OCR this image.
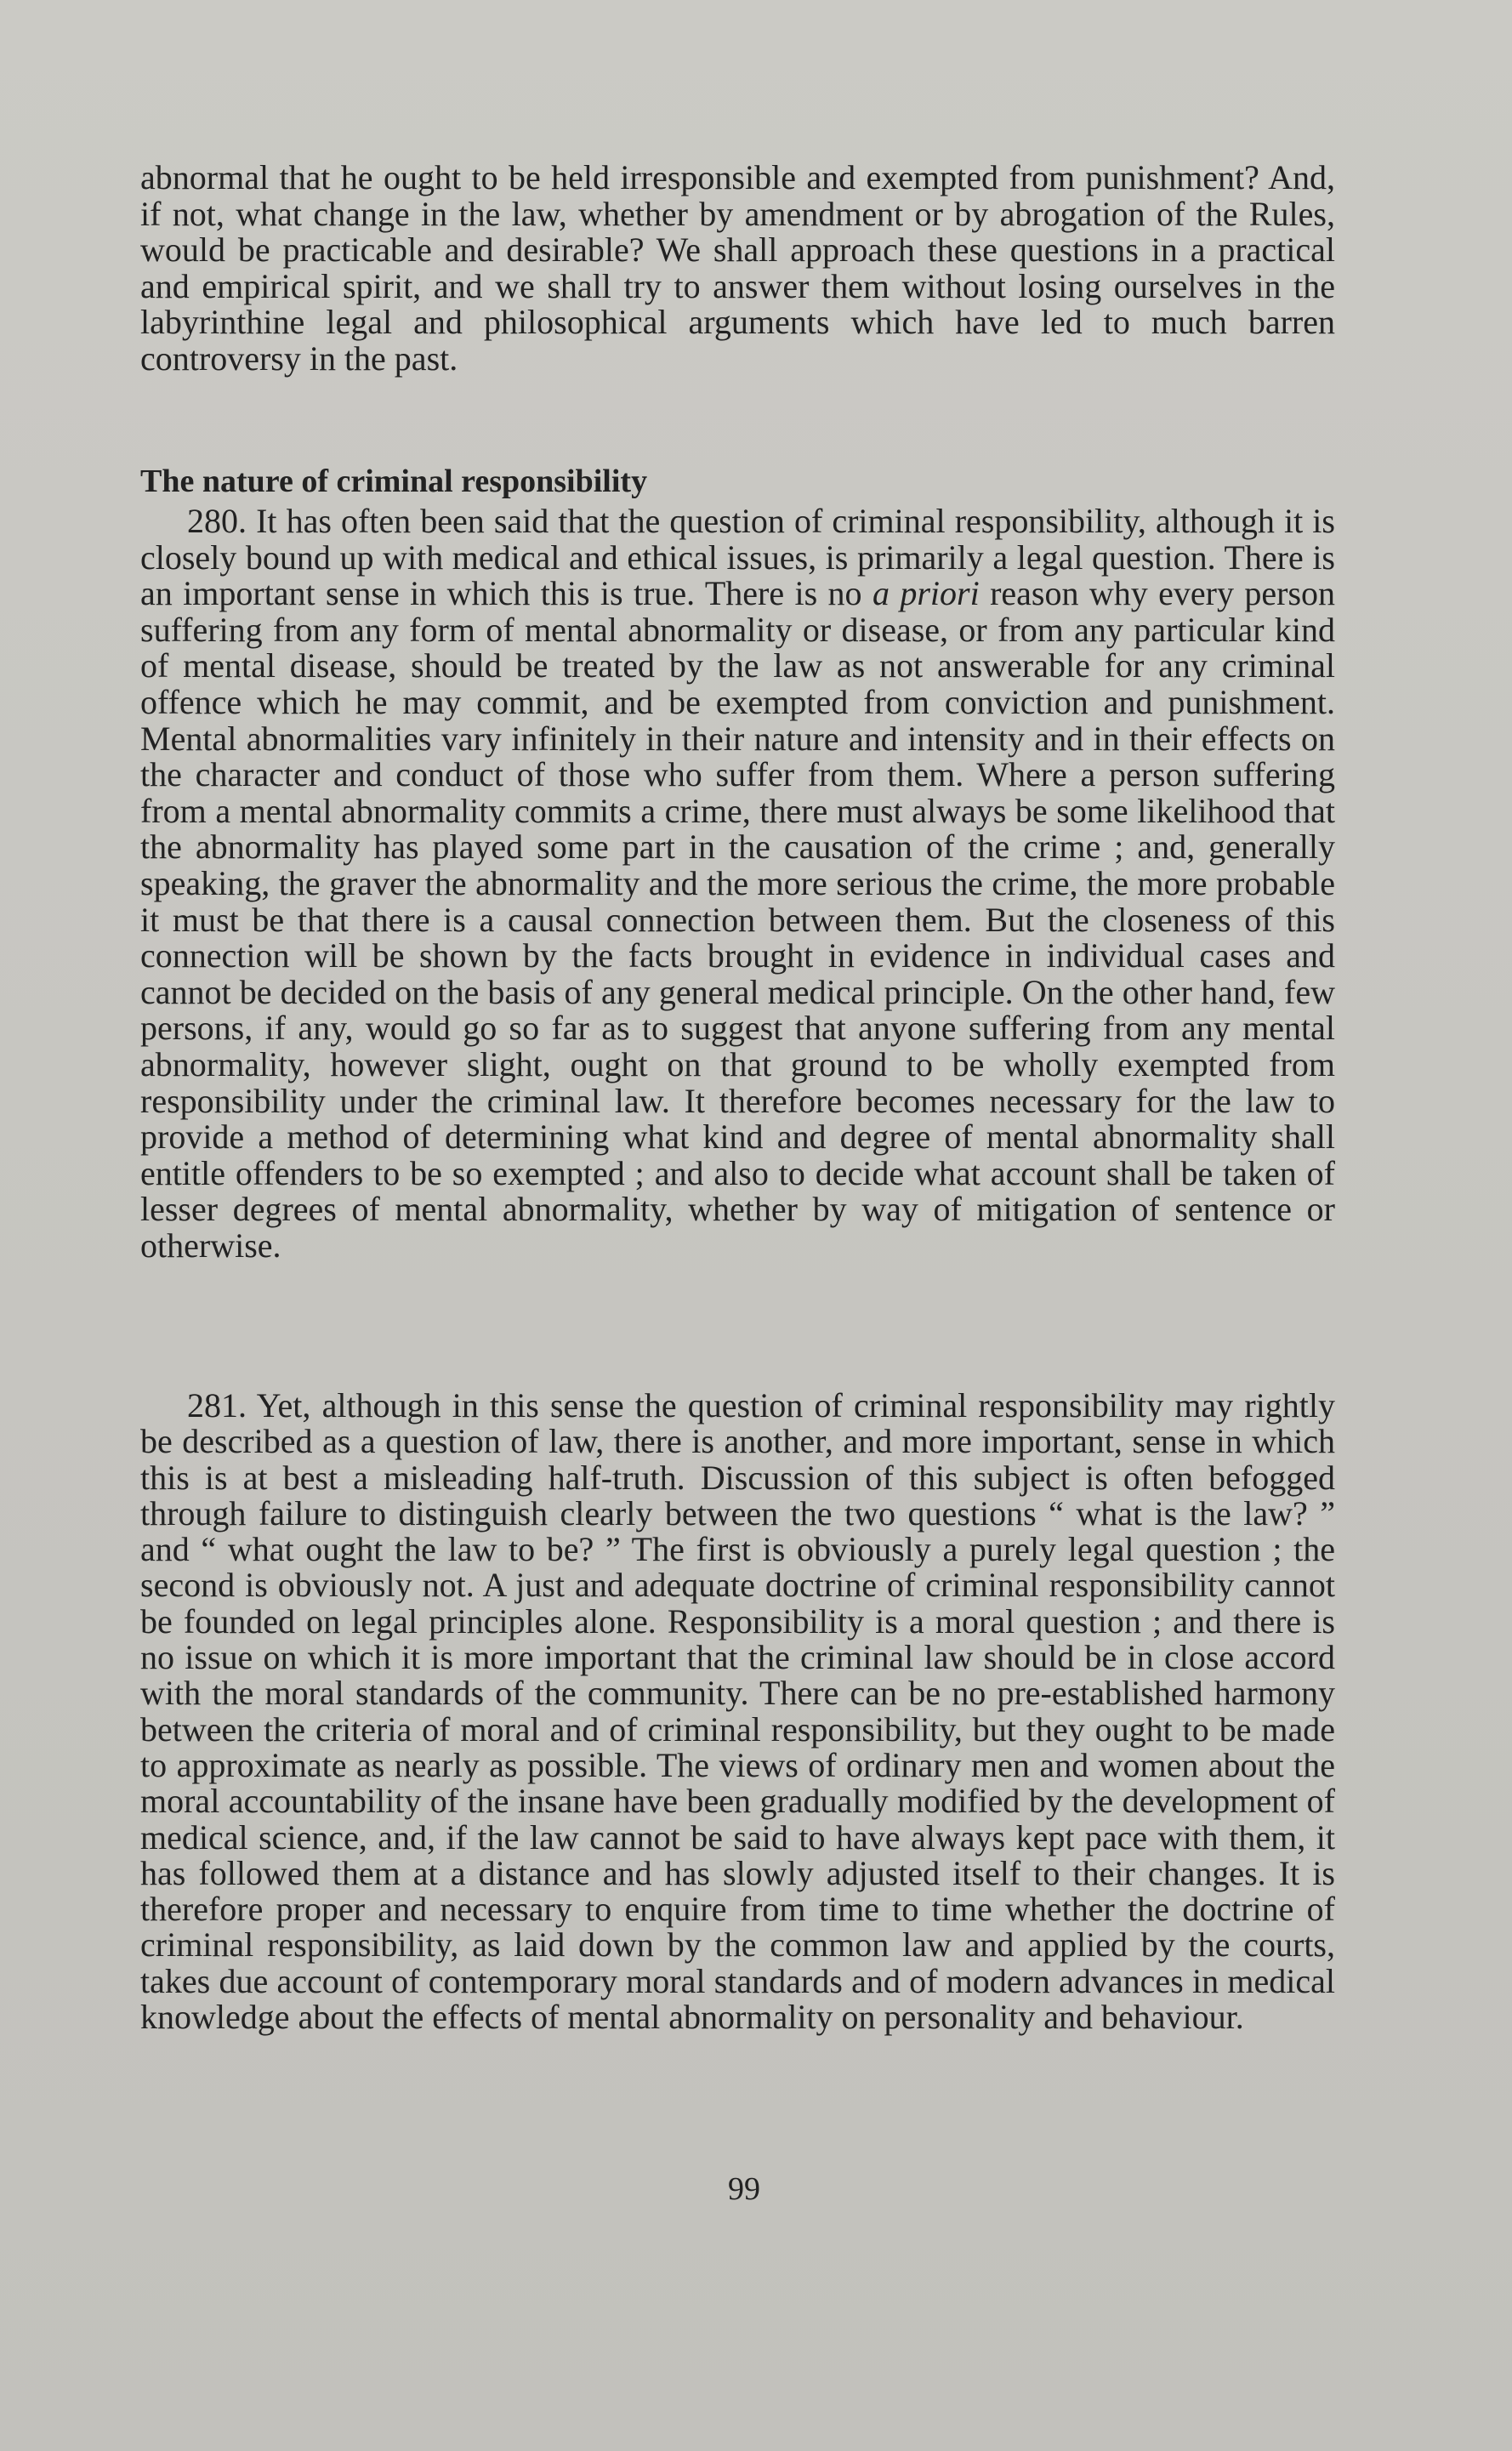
abnormal that he ought to be held irresponsible and exempted from punishment? And, if not, what change in the law, whether by amendment or by abrogation of the Rules, would be practicable and desirable? We shall approach these questions in a practical and empirical spirit, and we shall try to answer them without losing ourselves in the labyrinthine legal and philosophical arguments which have led to much barren controversy in the past.

The nature of criminal responsibility

280. It has often been said that the question of criminal responsibility, although it is closely bound up with medical and ethical issues, is primarily a legal question. There is an important sense in which this is true. There is no a priori reason why every person suffering from any form of mental abnormality or disease, or from any particular kind of mental disease, should be treated by the law as not answerable for any criminal offence which he may commit, and be exempted from conviction and punishment. Mental abnormalities vary infinitely in their nature and intensity and in their effects on the character and conduct of those who suffer from them. Where a person suffering from a mental abnormality commits a crime, there must always be some likelihood that the abnormality has played some part in the causation of the crime ; and, generally speaking, the graver the abnormality and the more serious the crime, the more probable it must be that there is a causal connection between them. But the closeness of this connection will be shown by the facts brought in evidence in individual cases and cannot be decided on the basis of any general medical principle. On the other hand, few persons, if any, would go so far as to suggest that anyone suffering from any mental abnormality, however slight, ought on that ground to be wholly exempted from responsibility under the criminal law. It therefore becomes necessary for the law to provide a method of determining what kind and degree of mental abnormality shall entitle offenders to be so exempted ; and also to decide what account shall be taken of lesser degrees of mental abnormality, whether by way of mitigation of sentence or otherwise.

281. Yet, although in this sense the question of criminal responsibility may rightly be described as a question of law, there is another, and more important, sense in which this is at best a misleading half-truth. Discussion of this subject is often befogged through failure to distinguish clearly between the two questions “ what is the law? ” and “ what ought the law to be? ” The first is obviously a purely legal question ; the second is obviously not. A just and adequate doctrine of criminal responsibility cannot be founded on legal principles alone. Responsibility is a moral question ; and there is no issue on which it is more important that the criminal law should be in close accord with the moral standards of the community. There can be no pre-established harmony between the criteria of moral and of criminal responsibility, but they ought to be made to approximate as nearly as possible. The views of ordinary men and women about the moral accountability of the insane have been gradually modified by the development of medical science, and, if the law cannot be said to have always kept pace with them, it has followed them at a distance and has slowly adjusted itself to their changes. It is therefore proper and necessary to enquire from time to time whether the doctrine of criminal responsibility, as laid down by the common law and applied by the courts, takes due account of contemporary moral standards and of modern advances in medical knowledge about the effects of mental abnormality on personality and behaviour.

99
